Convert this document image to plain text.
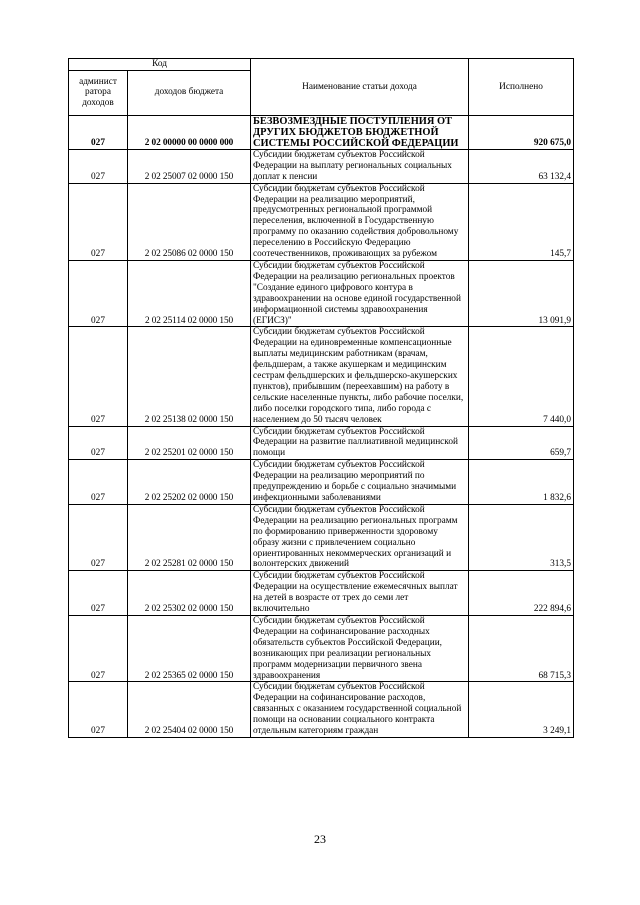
Код		Наименование статьи дохода	Исполнено
админист ратора доходов	доходов бюджета		
027	2 02 00000 00 0000 000	БЕЗВОЗМЕЗДНЫЕ ПОСТУПЛЕНИЯ ОТ ДРУГИХ БЮДЖЕТОВ БЮДЖЕТНОЙ СИСТЕМЫ РОССИЙСКОЙ ФЕДЕРАЦИИ	920 675,0
027	2 02 25007 02 0000 150	Субсидии бюджетам субъектов Российской Федерации на выплату региональных социальных доплат к пенсии	63 132,4
027	2 02 25086 02 0000 150	Субсидии бюджетам субъектов Российской Федерации на реализацию мероприятий, предусмотренных региональной программой переселения, включенной в Государственную программу по оказанию содействия добровольному переселению в Российскую Федерацию соотечественников, проживающих за рубежом	145,7
027	2 02 25114 02 0000 150	Субсидии бюджетам субъектов Российской Федерации на реализацию региональных проектов "Создание единого цифрового контура в здравоохранении на основе единой государственной информационной системы здравоохранения (ЕГИСЗ)"	13 091,9
027	2 02 25138 02 0000 150	Субсидии бюджетам субъектов Российской Федерации на единовременные компенсационные выплаты медицинским работникам (врачам, фельдшерам, а также акушеркам и медицинским сестрам фельдшерских и фельдшерско-акушерских пунктов), прибывшим (переехавшим) на работу в сельские населенные пункты, либо рабочие поселки, либо поселки городского типа, либо города с населением до 50 тысяч человек	7 440,0
027	2 02 25201 02 0000 150	Субсидии бюджетам субъектов Российской Федерации на развитие паллиативной медицинской помощи	659,7
027	2 02 25202 02 0000 150	Субсидии бюджетам субъектов Российской Федерации на реализацию мероприятий по предупреждению и борьбе с социально значимыми инфекционными заболеваниями	1 832,6
027	2 02 25281 02 0000 150	Субсидии бюджетам субъектов Российской Федерации на реализацию региональных программ по формированию приверженности здоровому образу жизни с привлечением социально ориентированных некоммерческих организаций и волонтерских движений	313,5
027	2 02 25302 02 0000 150	Субсидии бюджетам субъектов Российской Федерации на осуществление ежемесячных выплат на детей в возрасте от трех до семи лет включительно	222 894,6
027	2 02 25365 02 0000 150	Субсидии бюджетам субъектов Российской Федерации на софинансирование расходных обязательств субъектов Российской Федерации, возникающих при реализации региональных программ модернизации первичного звена здравоохранения	68 715,3
027	2 02 25404 02 0000 150	Субсидии бюджетам субъектов Российской Федерации на софинансирование расходов, связанных с оказанием государственной социальной помощи на основании социального контракта отдельным категориям граждан	3 249,1
23
